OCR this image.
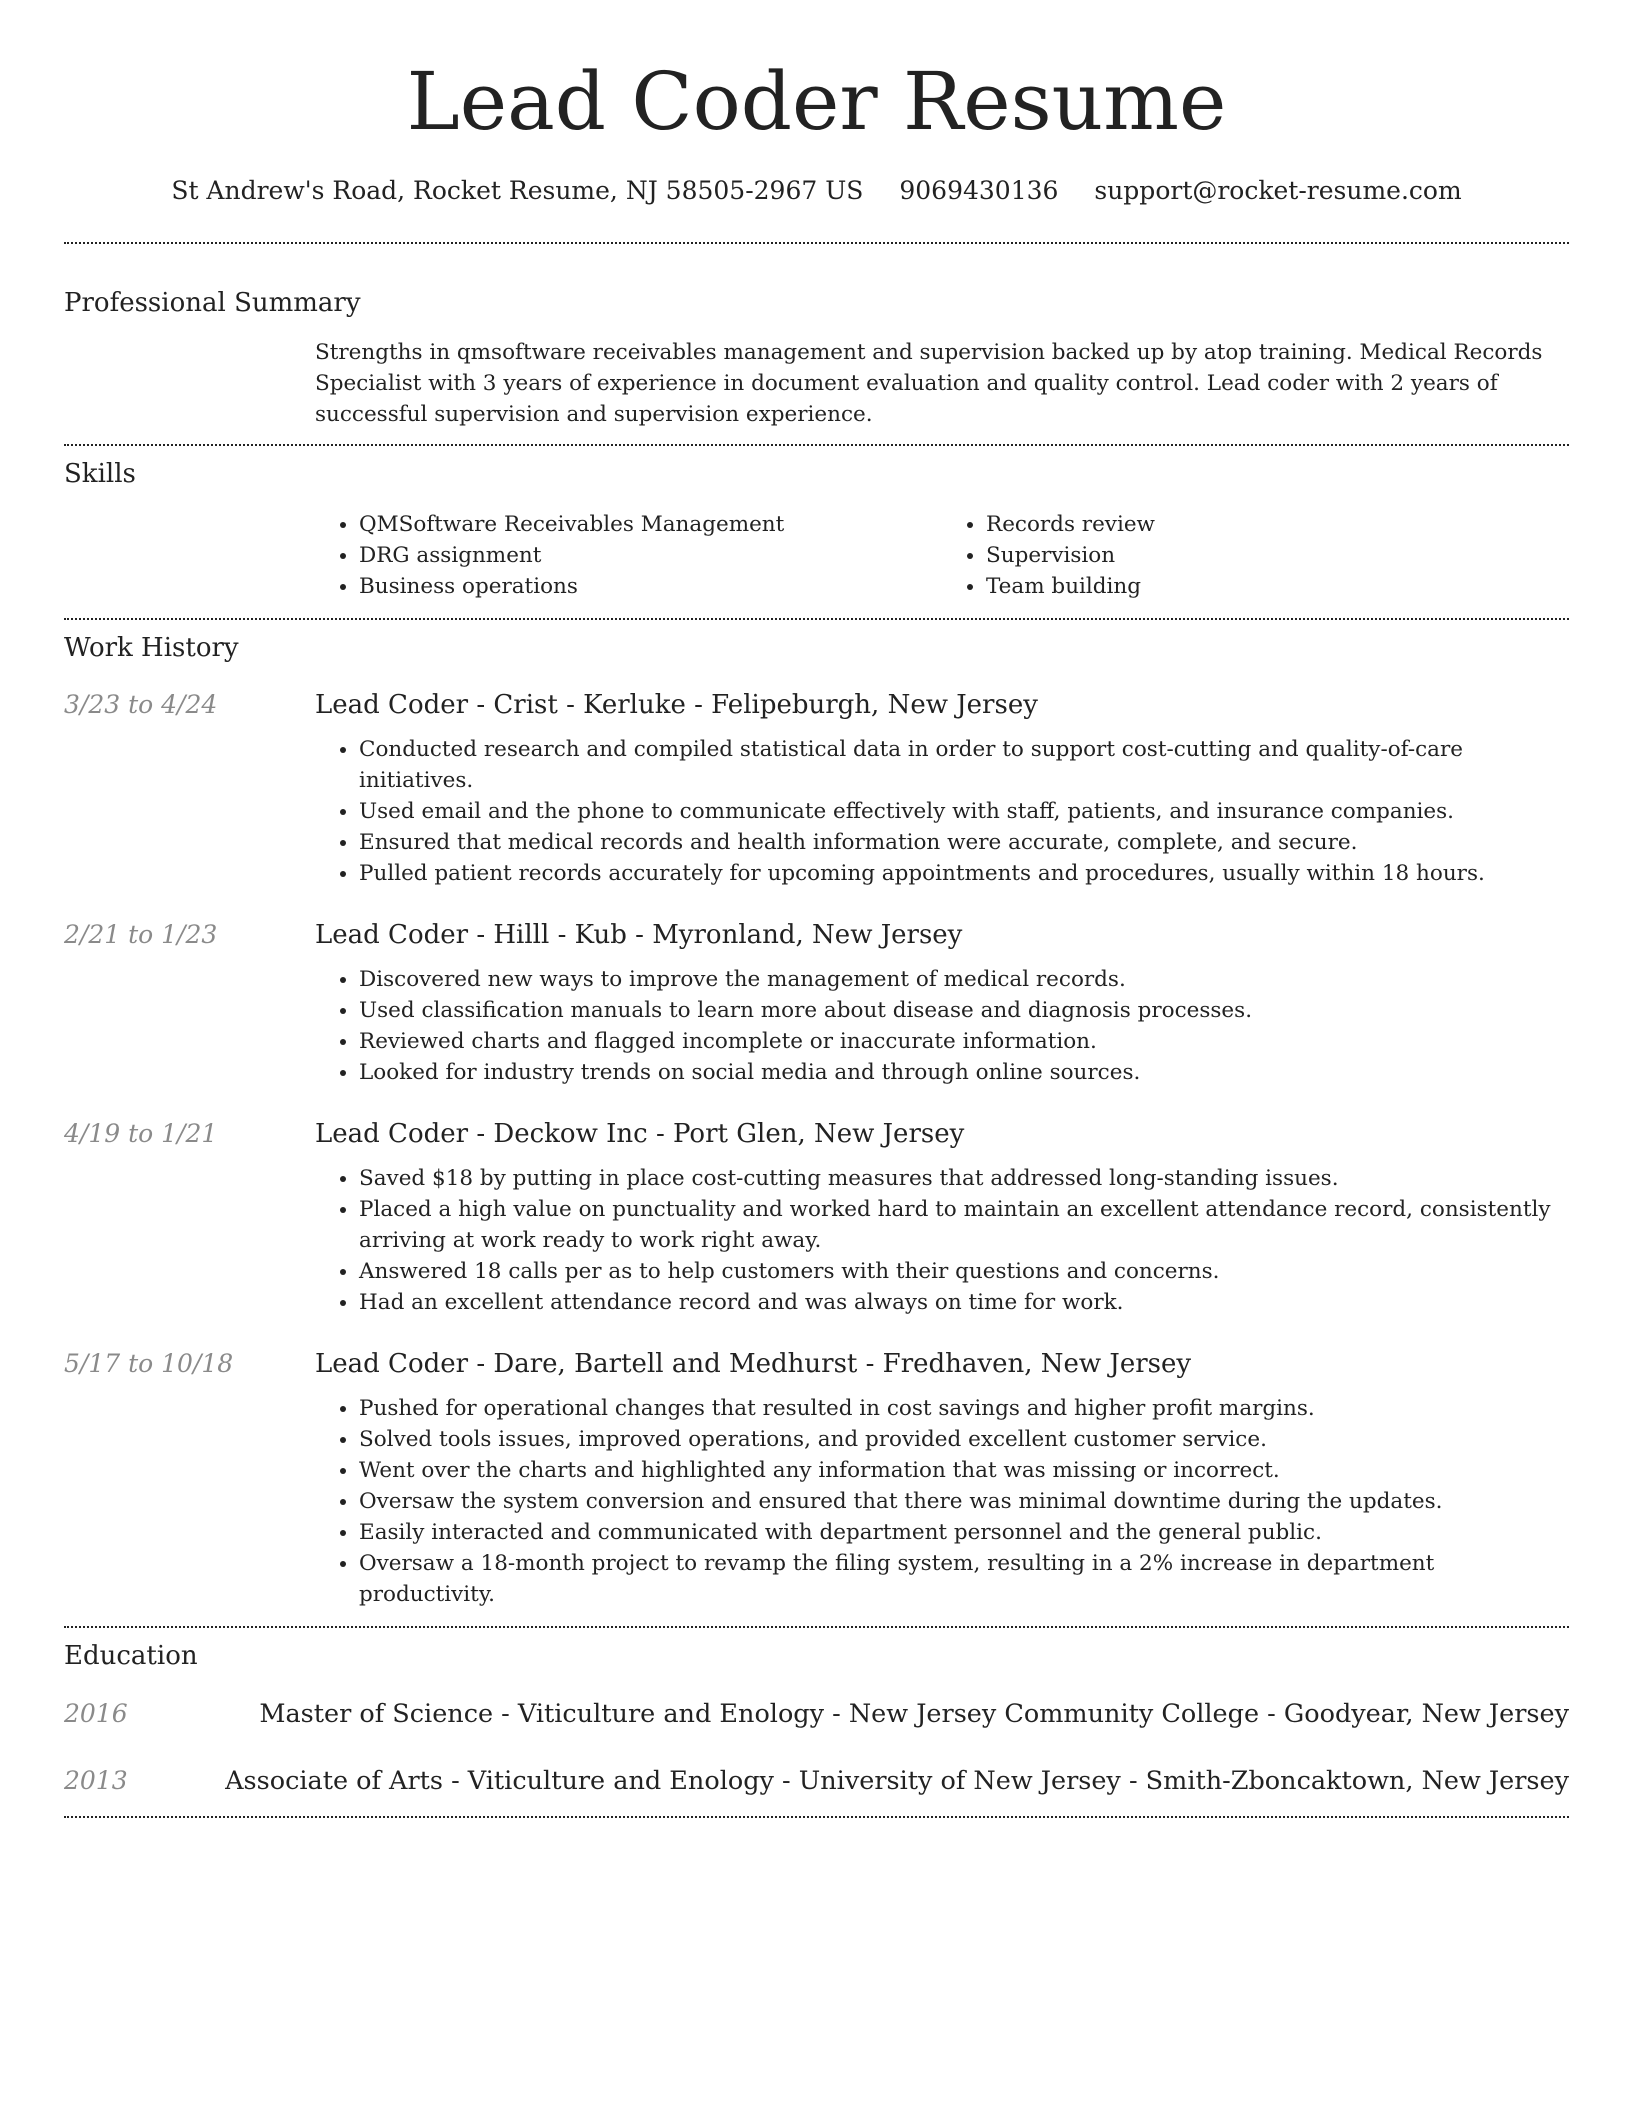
Lead Coder Resume
St Andrew's Road, Rocket Resume, NJ 58505-2967 US 9069430136 support@rocket-resume.com
Professional Summary
Strengths in qmsoftware receivables management and supervision backed up by atop training. Medical Records Specialist with 3 years of experience in document evaluation and quality control. Lead coder with 2 years of successful supervision and supervision experience.
Skills
• QMSoftware Receivables Management
• DRG assignment
• Business operations
• Records review
• Supervision
• Team building
Work History
3/23 to 4/24	Lead Coder - Crist - Kerluke - Felipeburgh, New Jersey
• Conducted research and compiled statistical data in order to support cost-cutting and quality-of-care initiatives.
• Used email and the phone to communicate effectively with staff, patients, and insurance companies.
• Ensured that medical records and health information were accurate, complete, and secure.
• Pulled patient records accurately for upcoming appointments and procedures, usually within 18 hours.
2/21 to 1/23	Lead Coder - Hilll - Kub - Myronland, New Jersey
• Discovered new ways to improve the management of medical records.
• Used classification manuals to learn more about disease and diagnosis processes.
• Reviewed charts and flagged incomplete or inaccurate information.
• Looked for industry trends on social media and through online sources.
4/19 to 1/21	Lead Coder - Deckow Inc - Port Glen, New Jersey
• Saved $18 by putting in place cost-cutting measures that addressed long-standing issues.
• Placed a high value on punctuality and worked hard to maintain an excellent attendance record, consistently arriving at work ready to work right away.
• Answered 18 calls per as to help customers with their questions and concerns.
• Had an excellent attendance record and was always on time for work.
5/17 to 10/18	Lead Coder - Dare, Bartell and Medhurst - Fredhaven, New Jersey
• Pushed for operational changes that resulted in cost savings and higher profit margins.
• Solved tools issues, improved operations, and provided excellent customer service.
• Went over the charts and highlighted any information that was missing or incorrect.
• Oversaw the system conversion and ensured that there was minimal downtime during the updates.
• Easily interacted and communicated with department personnel and the general public.
• Oversaw a 18-month project to revamp the filing system, resulting in a 2% increase in department productivity.
Education
2016	Master of Science - Viticulture and Enology - New Jersey Community College - Goodyear, New Jersey
2013	Associate of Arts - Viticulture and Enology - University of New Jersey - Smith-Zboncaktown, New Jersey
